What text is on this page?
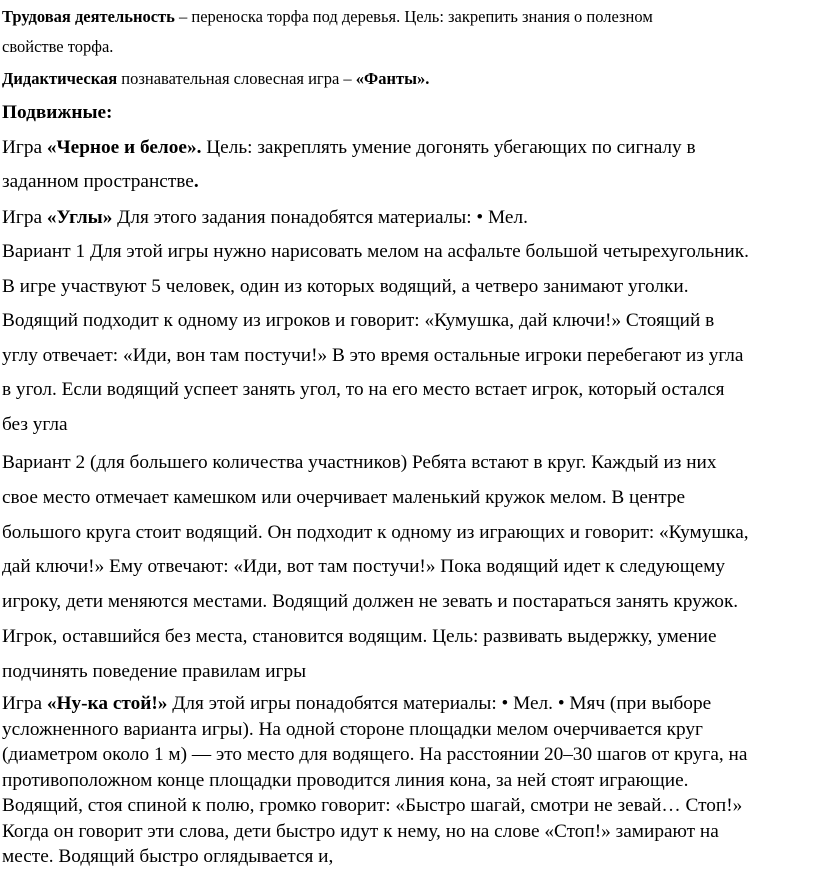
Трудовая деятельность – переноска торфа под деревья. Цель: закрепить знания о полезном

свойстве торфа.

Дидактическая познавательная словесная игра – «Фанты».

Подвижные:

Игра «Черное и белое». Цель: закреплять умение догонять убегающих по сигналу в

заданном пространстве.

Игра «Углы» Для этого задания понадобятся материалы: • Мел.

Вариант 1 Для этой игры нужно нарисовать мелом на асфальте большой четырехугольник.

В игре участвуют 5 человек, один из которых водящий, а четверо занимают уголки.

Водящий подходит к одному из игроков и говорит: «Кумушка, дай ключи!» Стоящий в

углу отвечает: «Иди, вон там постучи!» В это время остальные игроки перебегают из угла

в угол. Если водящий успеет занять угол, то на его место встает игрок, который остался

без угла

Вариант 2 (для большего количества участников) Ребята встают в круг. Каждый из них

свое место отмечает камешком или очерчивает маленький кружок мелом. В центре

большого круга стоит водящий. Он подходит к одному из играющих и говорит: «Кумушка,

дай ключи!» Ему отвечают: «Иди, вот там постучи!» Пока водящий идет к следующему

игроку, дети меняются местами. Водящий должен не зевать и постараться занять кружок.

Игрок, оставшийся без места, становится водящим. Цель: развивать выдержку, умение

подчинять поведение правилам игры

Игра «Ну-ка стой!» Для этой игры понадобятся материалы: • Мел. • Мяч (при выборе

усложненного варианта игры). На одной стороне площадки мелом очерчивается круг

(диаметром около 1 м) — это место для водящего. На расстоянии 20–30 шагов от круга, на

противоположном конце площадки проводится линия кона, за ней стоят играющие.

Водящий, стоя спиной к полю, громко говорит: «Быстро шагай, смотри не зевай… Стоп!»

Когда он говорит эти слова, дети быстро идут к нему, но на слове «Стоп!» замирают на

месте. Водящий быстро оглядывается и,
